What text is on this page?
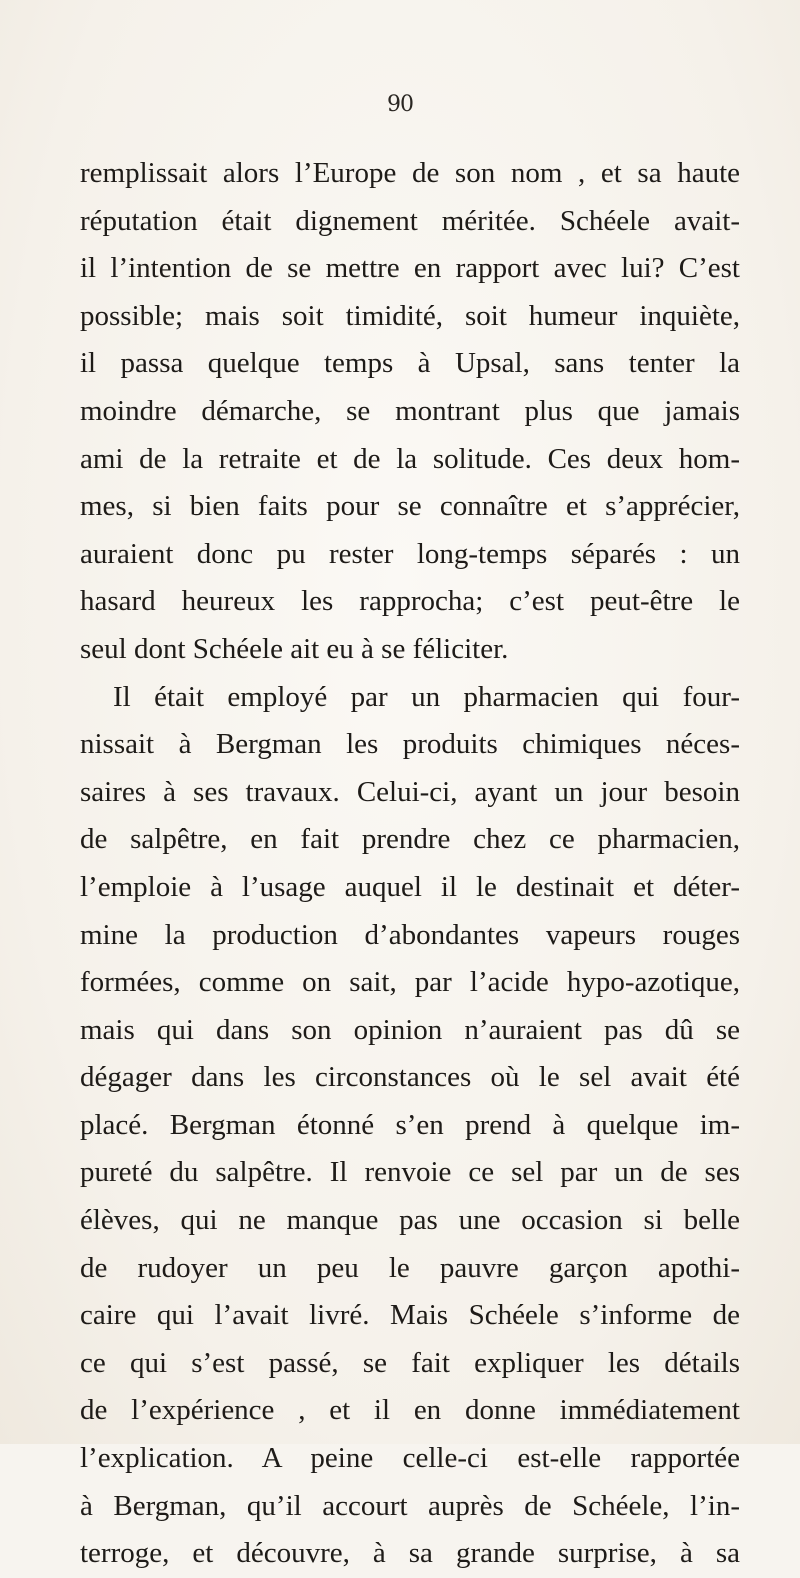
90
remplissait alors l’Europe de son nom , et sa haute
réputation était dignement méritée. Schéele avait-
il l’intention de se mettre en rapport avec lui? C’est
possible; mais soit timidité, soit humeur inquiète,
il passa quelque temps à Upsal, sans tenter la
moindre démarche, se montrant plus que jamais
ami de la retraite et de la solitude. Ces deux hom-
mes, si bien faits pour se connaître et s’apprécier,
auraient donc pu rester long-temps séparés : un
hasard heureux les rapprocha; c’est peut-être le
seul dont Schéele ait eu à se féliciter.
Il était employé par un pharmacien qui four-
nissait à Bergman les produits chimiques néces-
saires à ses travaux. Celui-ci, ayant un jour besoin
de salpêtre, en fait prendre chez ce pharmacien,
l’emploie à l’usage auquel il le destinait et déter-
mine la production d’abondantes vapeurs rouges
formées, comme on sait, par l’acide hypo-azotique,
mais qui dans son opinion n’auraient pas dû se
dégager dans les circonstances où le sel avait été
placé. Bergman étonné s’en prend à quelque im-
pureté du salpêtre. Il renvoie ce sel par un de ses
élèves, qui ne manque pas une occasion si belle
de rudoyer un peu le pauvre garçon apothi-
caire qui l’avait livré. Mais Schéele s’informe de
ce qui s’est passé, se fait expliquer les détails
de l’expérience , et il en donne immédiatement
l’explication. A peine celle-ci est-elle rapportée
à Bergman, qu’il accourt auprès de Schéele, l’in-
terroge, et découvre, à sa grande surprise, à sa
